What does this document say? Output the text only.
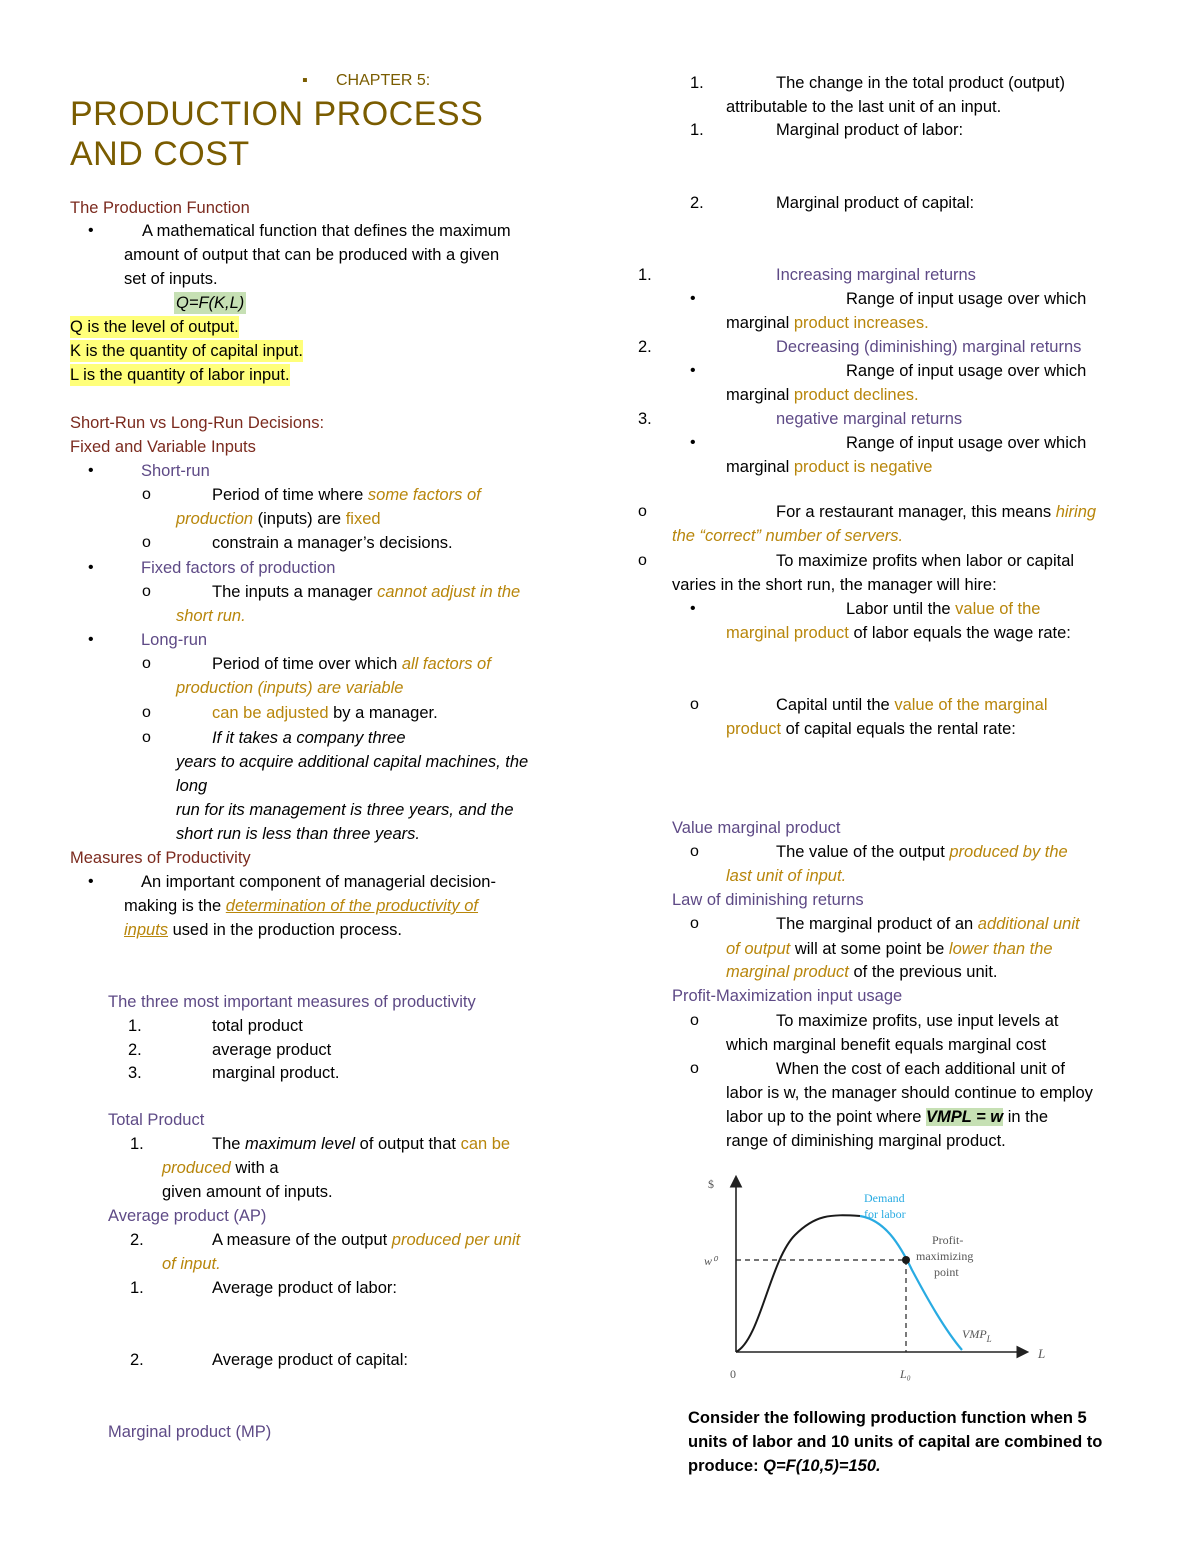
▪ CHAPTER 5:
PRODUCTION PROCESS
AND COST
The Production Function
•	A mathematical function that defines the maximum
amount of output that can be produced with a given
set of inputs.
Q=F(K,L)
Q is the level of output.
K is the quantity of capital input.
L is the quantity of labor input.
Short-Run vs Long-Run Decisions:
Fixed and Variable Inputs
•	Short-run
o	Period of time where some factors of
production (inputs) are fixed
o	constrain a manager’s decisions.
•	Fixed factors of production
o	The inputs a manager cannot adjust in the
short run.
•	Long-run
o	Period of time over which all factors of
production (inputs) are variable
o	can be adjusted by a manager.
o	If it takes a company three
years to acquire additional capital machines, the
long
run for its management is three years, and the
short run is less than three years.
Measures of Productivity
•	An important component of managerial decision-
making is the determination of the productivity of
inputs used in the production process.
The three most important measures of productivity
1.	total product
2.	average product
3.	marginal product.
Total Product
1.	The maximum level of output that can be
produced with a
given amount of inputs.
Average product (AP)
2.	A measure of the output produced per unit
of input.
1.	Average product of labor:
2.	Average product of capital:
Marginal product (MP)
1.	The change in the total product (output)
attributable to the last unit of an input.
1.	Marginal product of labor:
2.	Marginal product of capital:
1.	Increasing marginal returns
•	Range of input usage over which
marginal product increases.
2.	Decreasing (diminishing) marginal returns
•	Range of input usage over which
marginal product declines.
3.	negative marginal returns
•	Range of input usage over which
marginal product is negative
o	For a restaurant manager, this means hiring
the “correct” number of servers.
o	To maximize profits when labor or capital
varies in the short run, the manager will hire:
•	Labor until the value of the
marginal product of labor equals the wage rate:
o	Capital until the value of the marginal
product of capital equals the rental rate:
Value marginal product
o	The value of the output produced by the
last unit of input.
Law of diminishing returns
o	The marginal product of an additional unit
of output will at some point be lower than the
marginal product of the previous unit.
Profit-Maximization input usage
o	To maximize profits, use input levels at
which marginal benefit equals marginal cost
o	When the cost of each additional unit of
labor is w, the manager should continue to employ
labor up to the point where VMPL = w in the
range of diminishing marginal product.
$
L
w⁰
0	L₀
Demand
for labor
Profit-
maximizing
point
$VMP_L$
Consider the following production function when 5
units of labor and 10 units of capital are combined to
produce: Q=F(10,5)=150.
